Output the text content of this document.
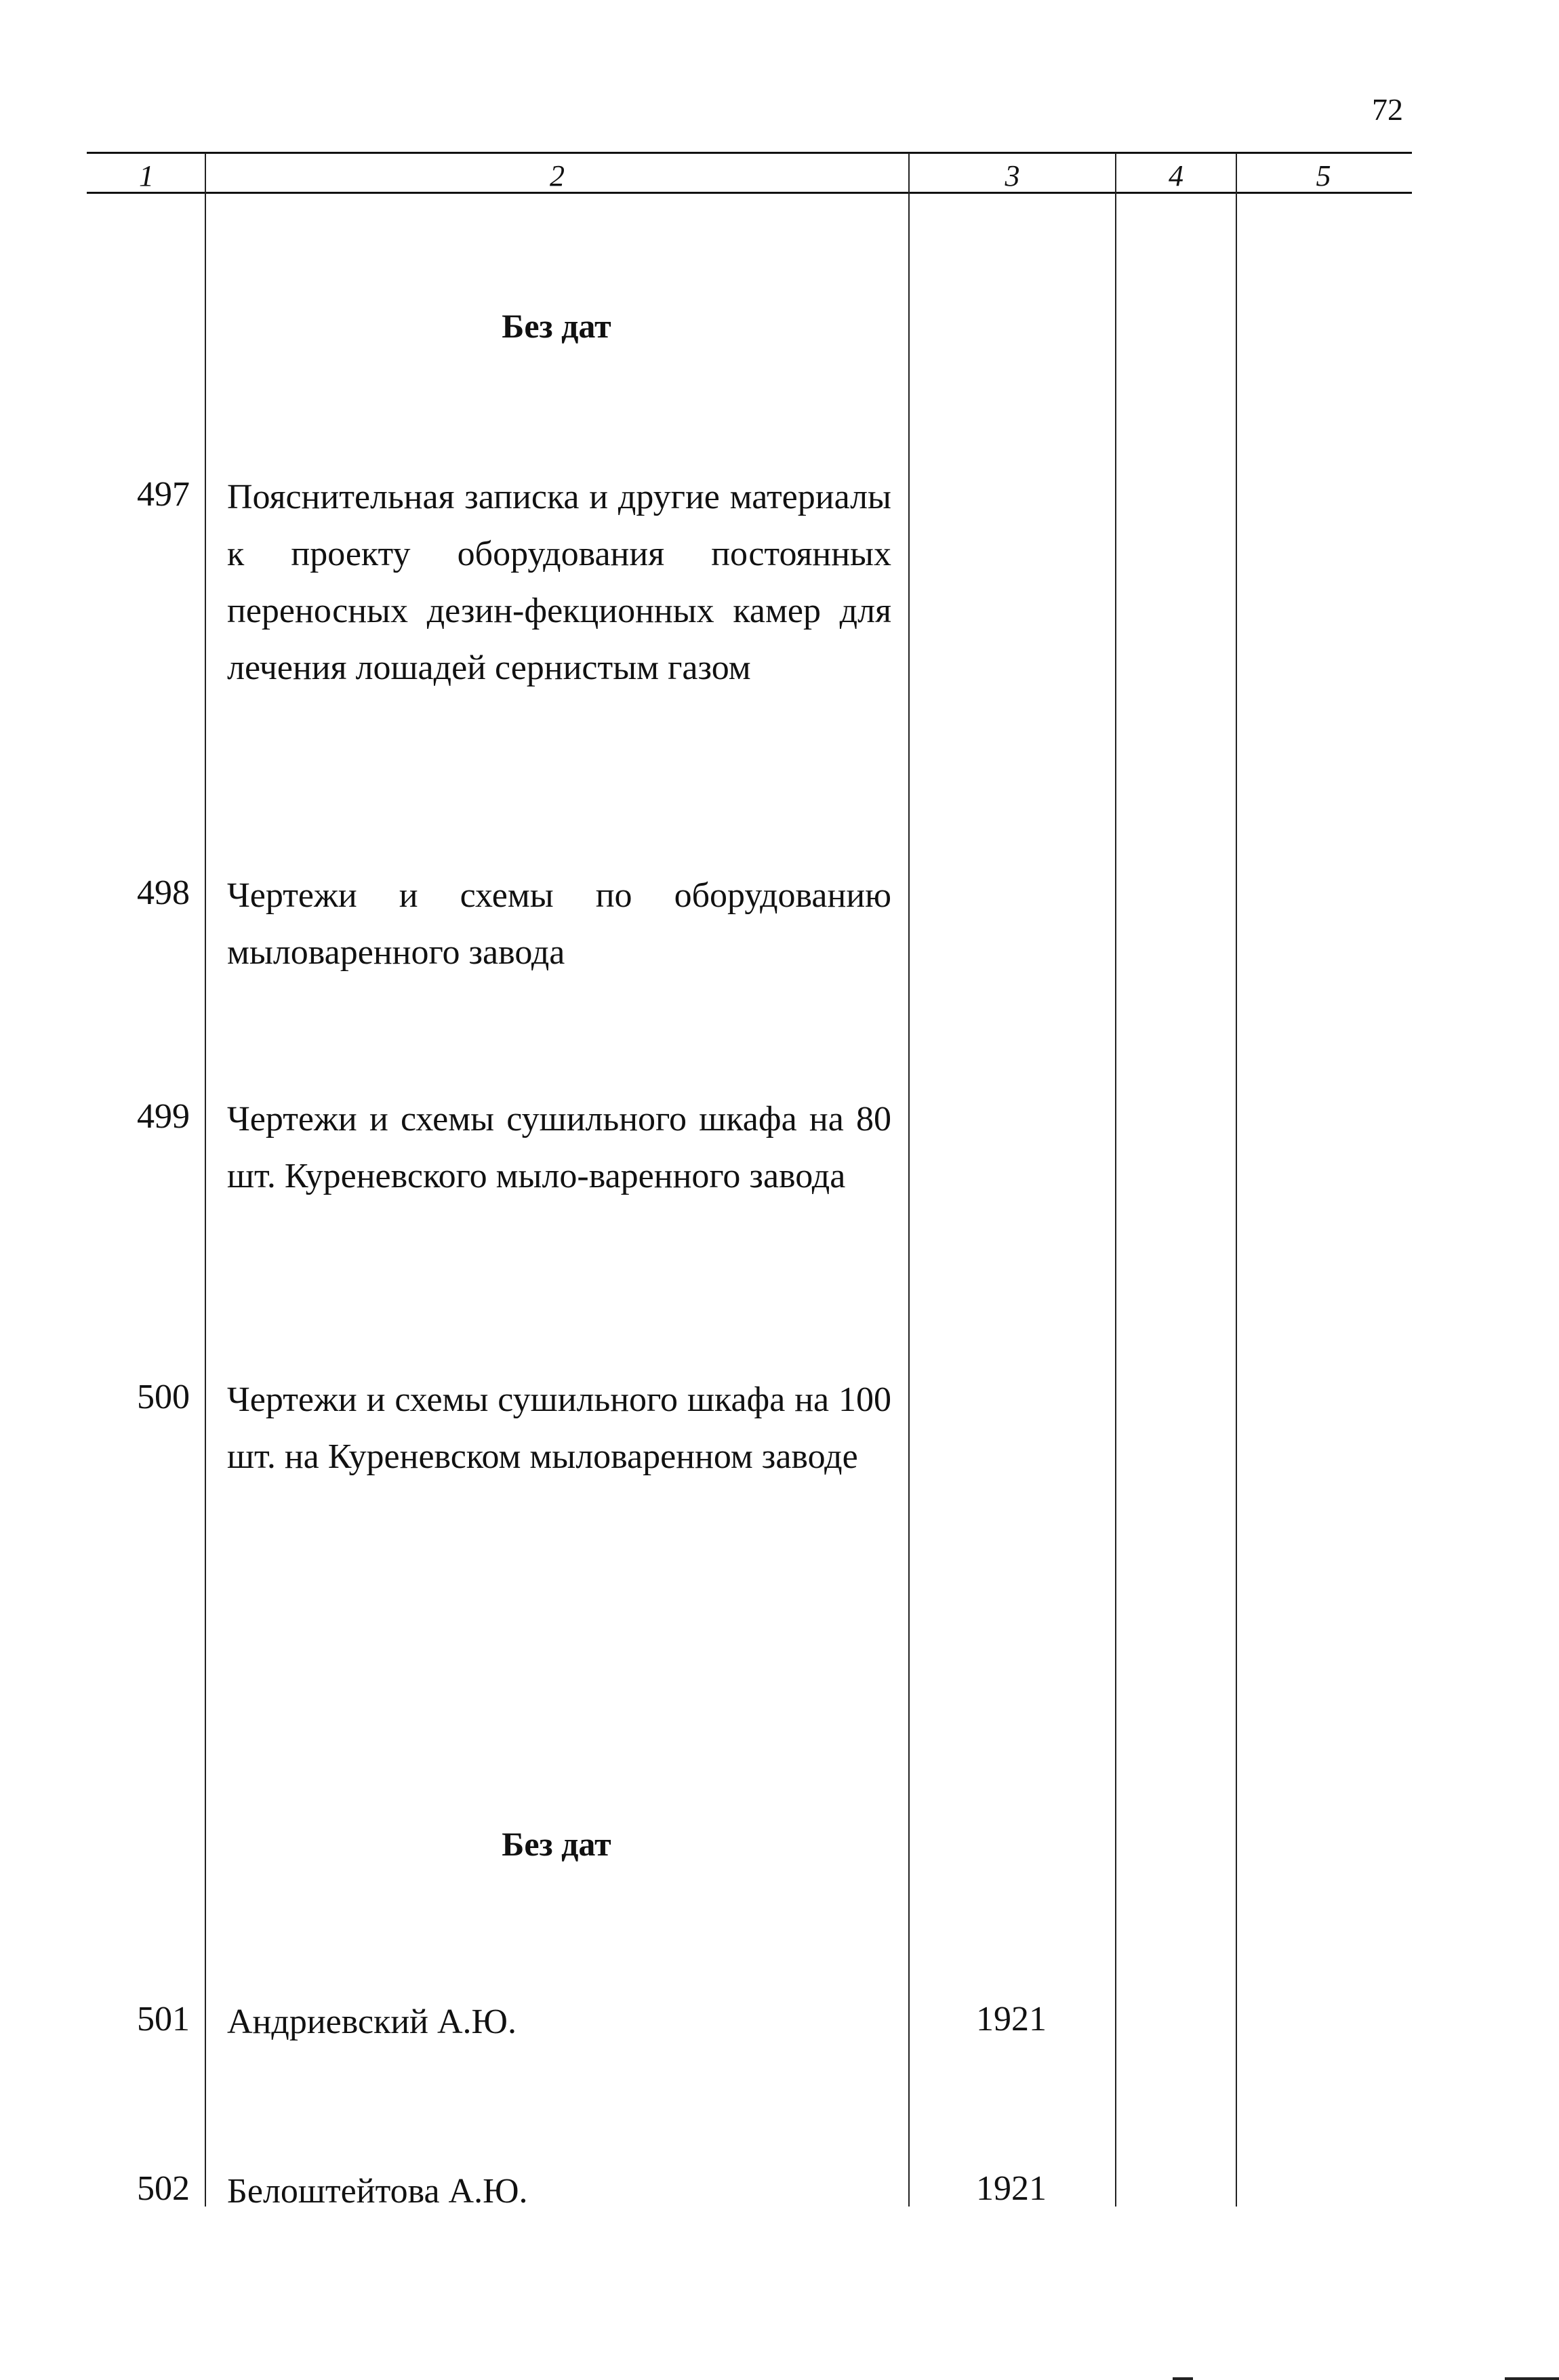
72
1	2	3	4	5
Без дат
497 Пояснительная записка и другие материалы к проекту оборудования постоянных переносных дезин-фекционных камер для лечения лошадей сернистым газом
498 Чертежи и схемы по оборудованию мыловаренного завода
499 Чертежи и схемы сушильного шкафа на 80 шт. Куреневского мыло-варенного завода
500 Чертежи и схемы сушильного шкафа на 100 шт. на Куреневском мыловаренном заводе
Без дат
501 Андриевский А.Ю.	1921
502 Белоштейтова А.Ю.	1921
